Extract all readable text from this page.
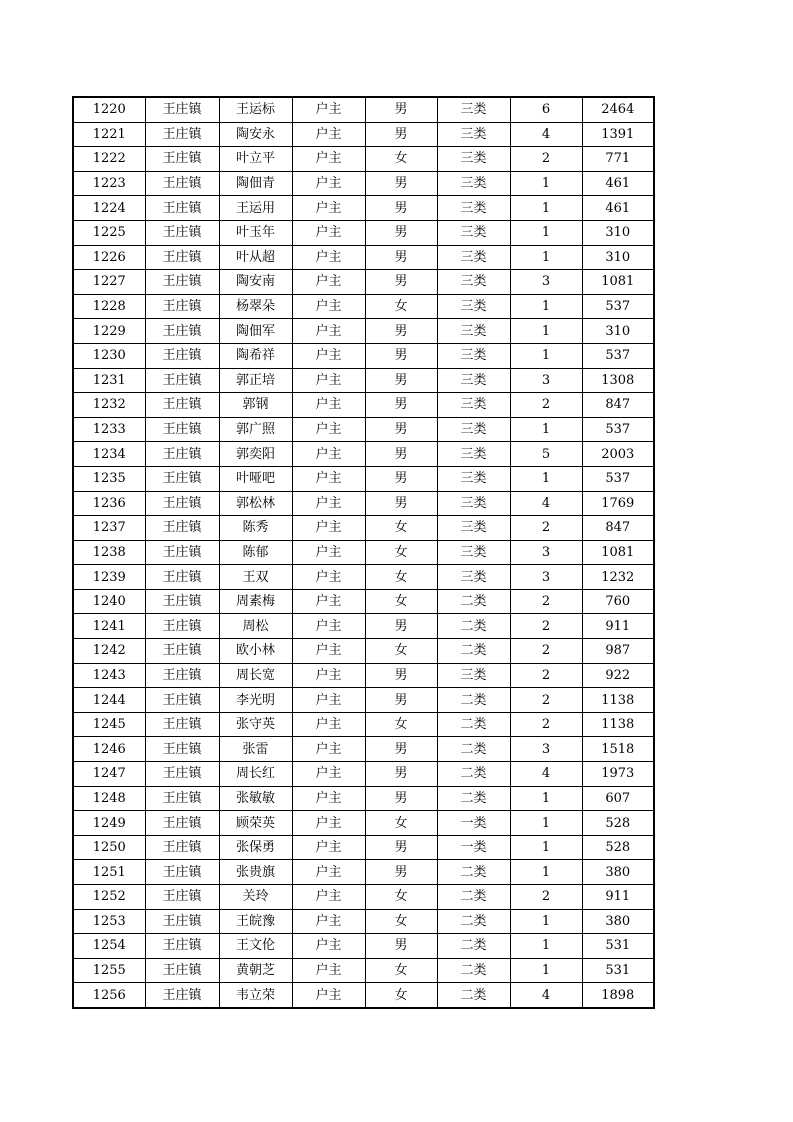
1220	王庄镇	王运标	户主	男	三类	6	2464
1221	王庄镇	陶安永	户主	男	三类	4	1391
1222	王庄镇	叶立平	户主	女	三类	2	771
1223	王庄镇	陶佃青	户主	男	三类	1	461
1224	王庄镇	王运用	户主	男	三类	1	461
1225	王庄镇	叶玉年	户主	男	三类	1	310
1226	王庄镇	叶从超	户主	男	三类	1	310
1227	王庄镇	陶安南	户主	男	三类	3	1081
1228	王庄镇	杨翠朵	户主	女	三类	1	537
1229	王庄镇	陶佃军	户主	男	三类	1	310
1230	王庄镇	陶希祥	户主	男	三类	1	537
1231	王庄镇	郭正培	户主	男	三类	3	1308
1232	王庄镇	郭钢	户主	男	三类	2	847
1233	王庄镇	郭广照	户主	男	三类	1	537
1234	王庄镇	郭奕阳	户主	男	三类	5	2003
1235	王庄镇	叶哑吧	户主	男	三类	1	537
1236	王庄镇	郭松林	户主	男	三类	4	1769
1237	王庄镇	陈秀	户主	女	三类	2	847
1238	王庄镇	陈郁	户主	女	三类	3	1081
1239	王庄镇	王双	户主	女	三类	3	1232
1240	王庄镇	周素梅	户主	女	二类	2	760
1241	王庄镇	周松	户主	男	二类	2	911
1242	王庄镇	欧小林	户主	女	二类	2	987
1243	王庄镇	周长宽	户主	男	三类	2	922
1244	王庄镇	李光明	户主	男	二类	2	1138
1245	王庄镇	张守英	户主	女	二类	2	1138
1246	王庄镇	张雷	户主	男	二类	3	1518
1247	王庄镇	周长红	户主	男	二类	4	1973
1248	王庄镇	张敏敏	户主	男	二类	1	607
1249	王庄镇	顾荣英	户主	女	一类	1	528
1250	王庄镇	张保勇	户主	男	一类	1	528
1251	王庄镇	张贵旗	户主	男	二类	1	380
1252	王庄镇	关玲	户主	女	二类	2	911
1253	王庄镇	王皖豫	户主	女	二类	1	380
1254	王庄镇	王文伦	户主	男	二类	1	531
1255	王庄镇	黄朝芝	户主	女	二类	1	531
1256	王庄镇	韦立荣	户主	女	二类	4	1898
